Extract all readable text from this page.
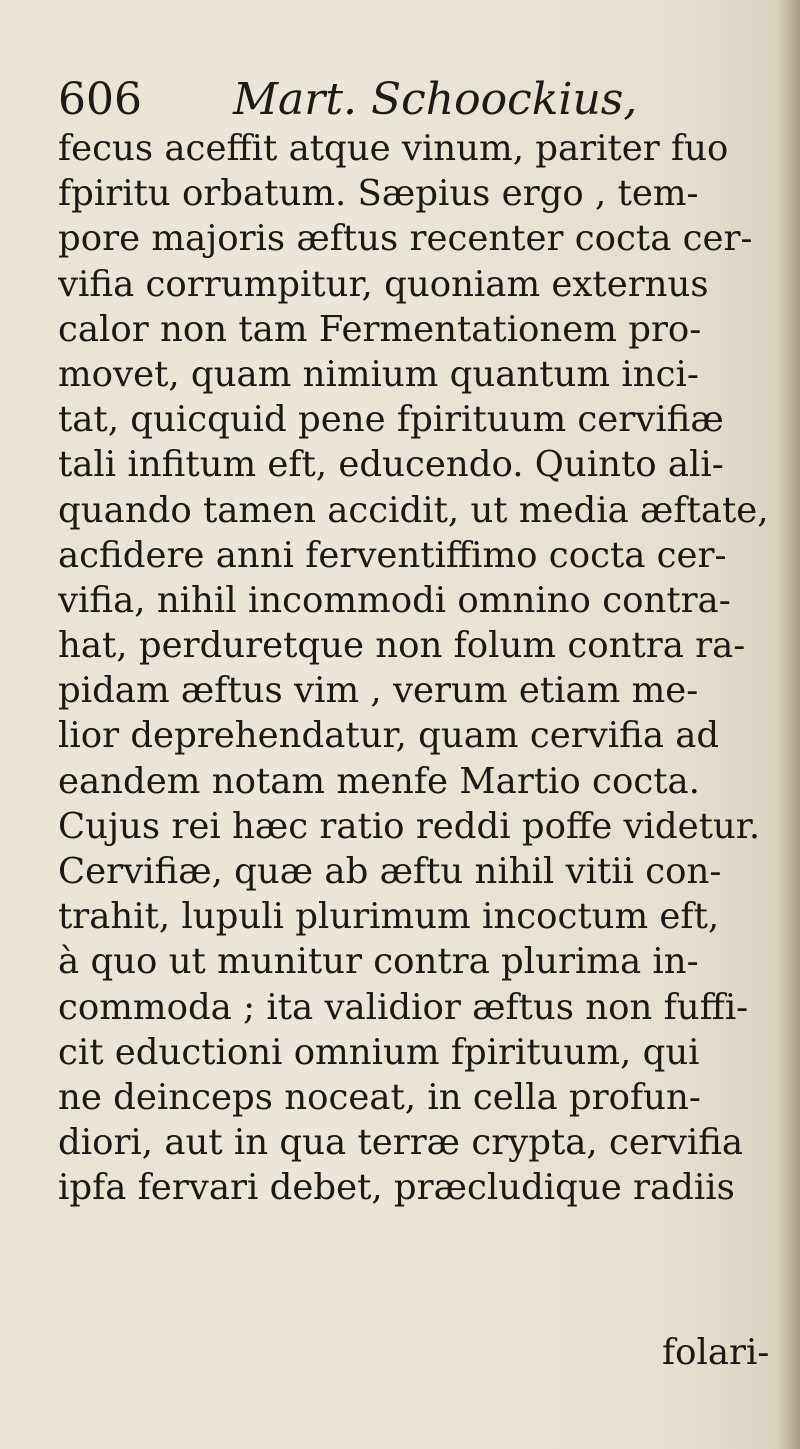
606 Mart. Schoockius,
fecus aceffit atque vinum, pariter fuo
fpiritu orbatum. Sæpius ergo , tem-
pore majoris æftus recenter cocta cer-
vifia corrumpitur, quoniam externus
calor non tam Fermentationem pro-
movet, quam nimium quantum inci-
tat, quicquid pene fpirituum cervifiæ
tali infitum eft, educendo. Quinto ali-
quando tamen accidit, ut media æftate,
acfidere anni ferventiffimo cocta cer-
vifia, nihil incommodi omnino contra-
hat, perduretque non folum contra ra-
pidam æftus vim , verum etiam me-
lior deprehendatur, quam cervifia ad
eandem notam menfe Martio cocta.
Cujus rei hæc ratio reddi poffe videtur.
Cervifiæ, quæ ab æftu nihil vitii con-
trahit, lupuli plurimum incoctum eft,
à quo ut munitur contra plurima in-
commoda ; ita validior æftus non fuffi-
cit eductioni omnium fpirituum, qui
ne deinceps noceat, in cella profun-
diori, aut in qua terræ crypta, cervifia
ipfa fervari debet, præcludique radiis
folari-
